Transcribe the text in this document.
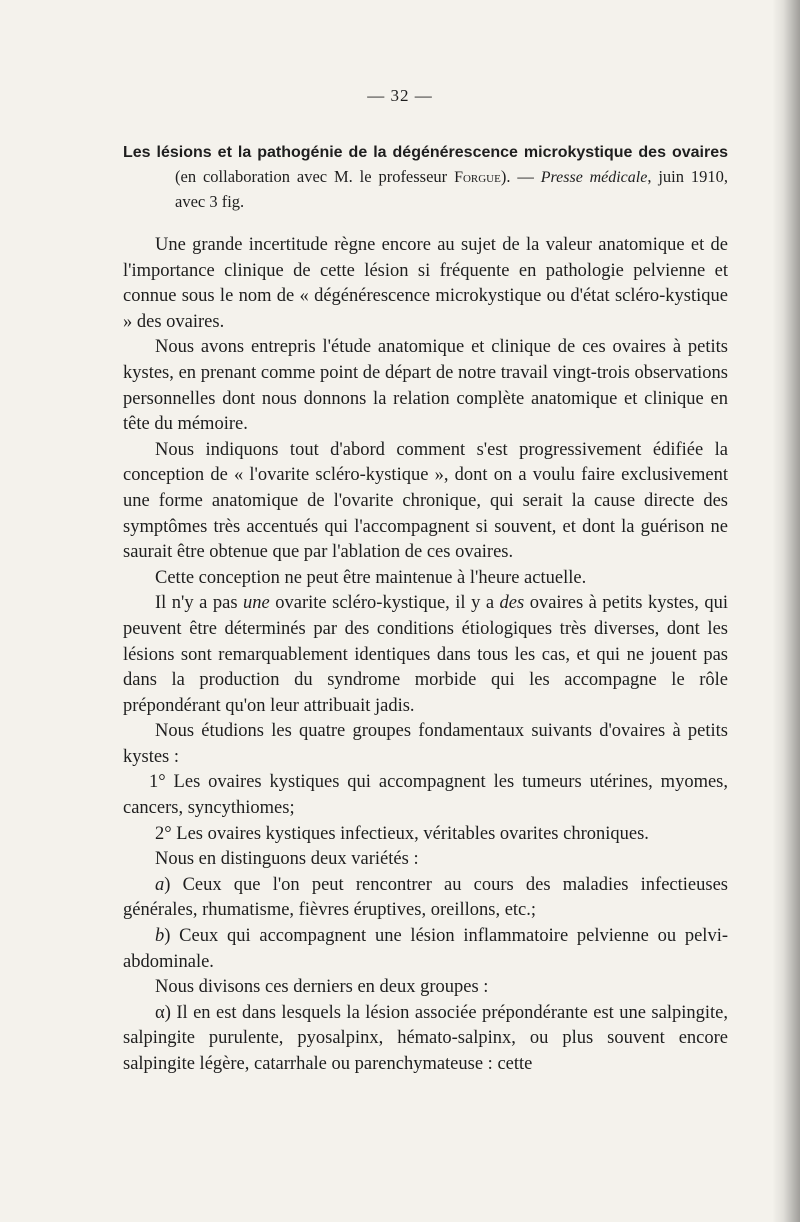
— 32 —

Les lésions et la pathogénie de la dégénérescence microkystique des ovaires (en collaboration avec M. le professeur Forgue). — Presse médicale, juin 1910, avec 3 fig.

Une grande incertitude règne encore au sujet de la valeur anatomique et de l'importance clinique de cette lésion si fréquente en pathologie pelvienne et connue sous le nom de « dégénérescence microkystique ou d'état scléro-kystique » des ovaires.

Nous avons entrepris l'étude anatomique et clinique de ces ovaires à petits kystes, en prenant comme point de départ de notre travail vingt-trois observations personnelles dont nous donnons la relation complète anatomique et clinique en tête du mémoire.

Nous indiquons tout d'abord comment s'est progressivement édifiée la conception de « l'ovarite scléro-kystique », dont on a voulu faire exclusivement une forme anatomique de l'ovarite chronique, qui serait la cause directe des symptômes très accentués qui l'accompagnent si souvent, et dont la guérison ne saurait être obtenue que par l'ablation de ces ovaires.

Cette conception ne peut être maintenue à l'heure actuelle.

Il n'y a pas une ovarite scléro-kystique, il y a des ovaires à petits kystes, qui peuvent être déterminés par des conditions étiologiques très diverses, dont les lésions sont remarquablement identiques dans tous les cas, et qui ne jouent pas dans la production du syndrome morbide qui les accompagne le rôle prépondérant qu'on leur attribuait jadis.

Nous étudions les quatre groupes fondamentaux suivants d'ovaires à petits kystes :

1° Les ovaires kystiques qui accompagnent les tumeurs utérines, myomes, cancers, syncythiomes;

2° Les ovaires kystiques infectieux, véritables ovarites chroniques.

Nous en distinguons deux variétés :

a) Ceux que l'on peut rencontrer au cours des maladies infectieuses générales, rhumatisme, fièvres éruptives, oreillons, etc.;

b) Ceux qui accompagnent une lésion inflammatoire pelvienne ou pelvi-abdominale.

Nous divisons ces derniers en deux groupes :

α) Il en est dans lesquels la lésion associée prépondérante est une salpingite, salpingite purulente, pyosalpinx, hémato-salpinx, ou plus souvent encore salpingite légère, catarrhale ou parenchymateuse : cette
